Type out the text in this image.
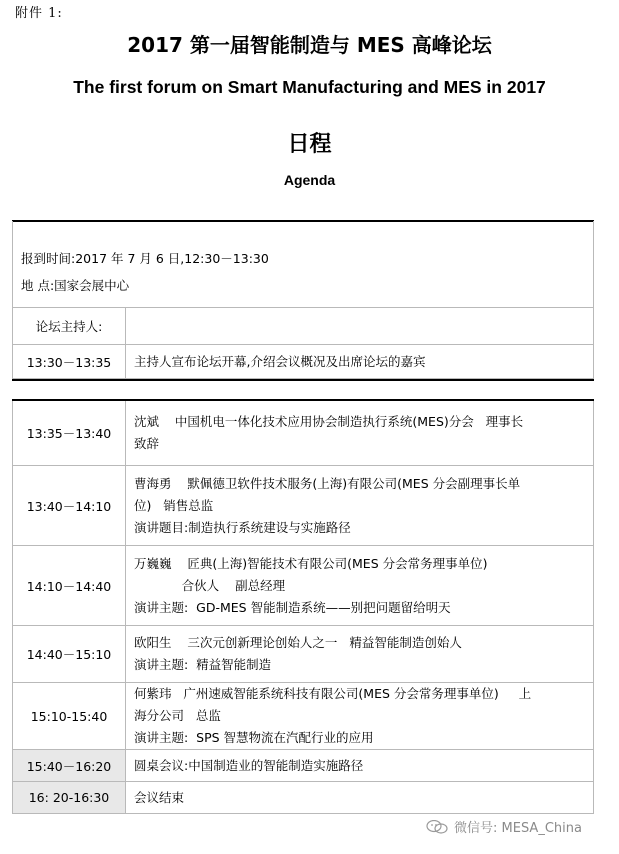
附件 1:
2017 第一届智能制造与 MES 高峰论坛
The first forum on Smart Manufacturing and MES in 2017
日程
Agenda
报到时间:2017 年 7 月 6 日,12:30－13:30
地 点:国家会展中心
论坛主持人:	
13:30－13:35	主持人宣布论坛开幕,介绍会议概况及出席论坛的嘉宾
13:35－13:40	沈斌    中国机电一体化技术应用协会制造执行系统(MES)分会   理事长
致辞

13:40－14:10	曹海勇    默佩德卫软件技术服务(上海)有限公司(MES 分会副理事长单
位)   销售总监
演讲题目:制造执行系统建设与实施路径

14:10－14:40	万巍巍    匠典(上海)智能技术有限公司(MES 分会常务理事单位)
合伙人    副总经理
演讲主题:  GD-MES 智能制造系统——别把问题留给明天

14:40－15:10	欧阳生    三次元创新理论创始人之一   精益智能制造创始人
演讲主题:  精益智能制造

15:10-15:40	何紫玮   广州速威智能系统科技有限公司(MES 分会常务理事单位)     上
海分公司   总监
演讲主题:  SPS 智慧物流在汽配行业的应用

15:40－16:20	圆桌会议:中国制造业的智能制造实施路径

16: 20-16:30	会议结束
微信号: MESA_China
